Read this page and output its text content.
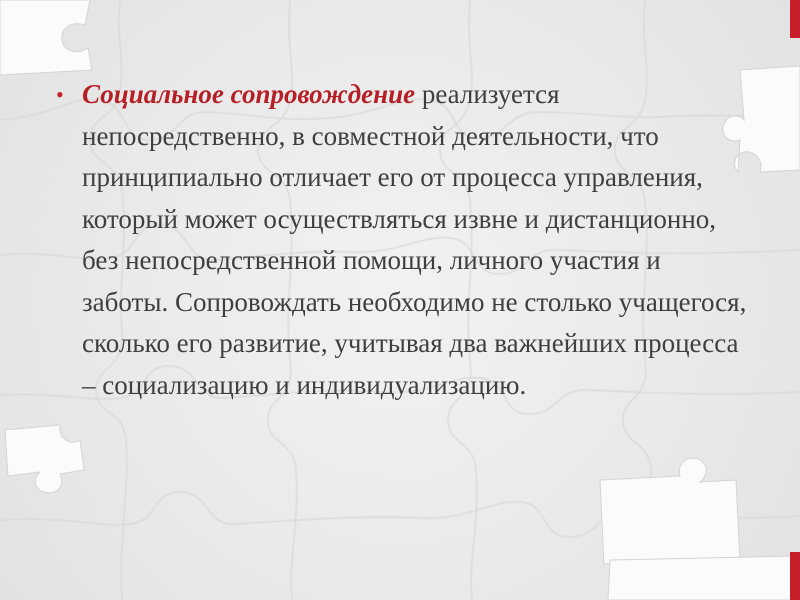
• Социальное сопровождение реализуется непосредственно, в совместной деятельности, что принципиально отличает его от процесса управления, который может осуществляться извне и дистанционно, без непосредственной помощи, личного участия и заботы. Сопровождать необходимо не столько учащегося, сколько его развитие, учитывая два важнейших процесса – социализацию и индивидуализацию.
